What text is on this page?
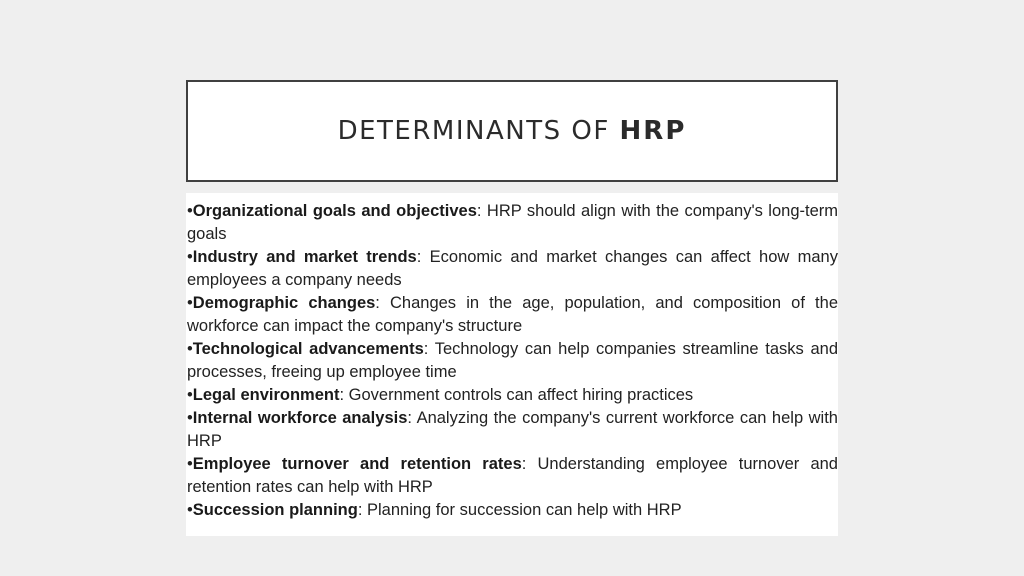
DETERMINANTS OF HRP
•Organizational goals and objectives: HRP should align with the company's long-term goals
•Industry and market trends: Economic and market changes can affect how many employees a company needs
•Demographic changes: Changes in the age, population, and composition of the workforce can impact the company's structure
•Technological advancements: Technology can help companies streamline tasks and processes, freeing up employee time
•Legal environment: Government controls can affect hiring practices
•Internal workforce analysis: Analyzing the company's current workforce can help with HRP
•Employee turnover and retention rates: Understanding employee turnover and retention rates can help with HRP
•Succession planning: Planning for succession can help with HRP
